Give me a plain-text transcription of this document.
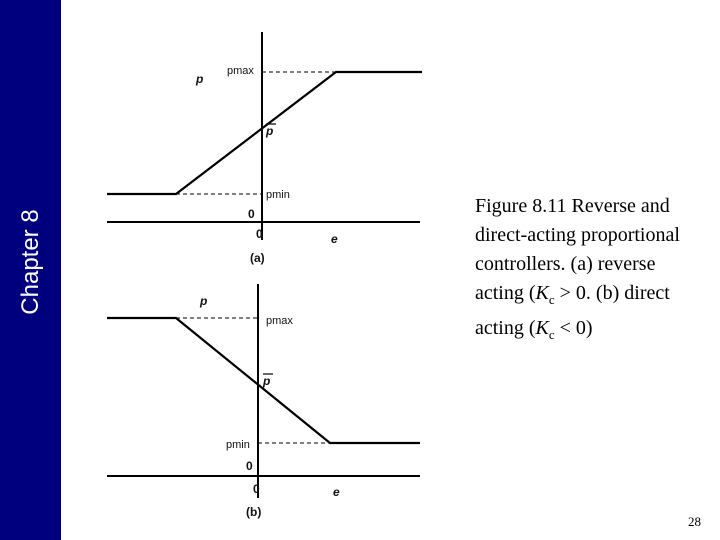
Chapter 8
p
pmax
p
pmin
0
0	e
(a)
p
pmax
p
pmin
0
0	e
(b)
Figure 8.11 Reverse and direct-acting proportional controllers. (a) reverse acting ($K_c > 0$. (b) direct acting $(K_c < 0)$
28
